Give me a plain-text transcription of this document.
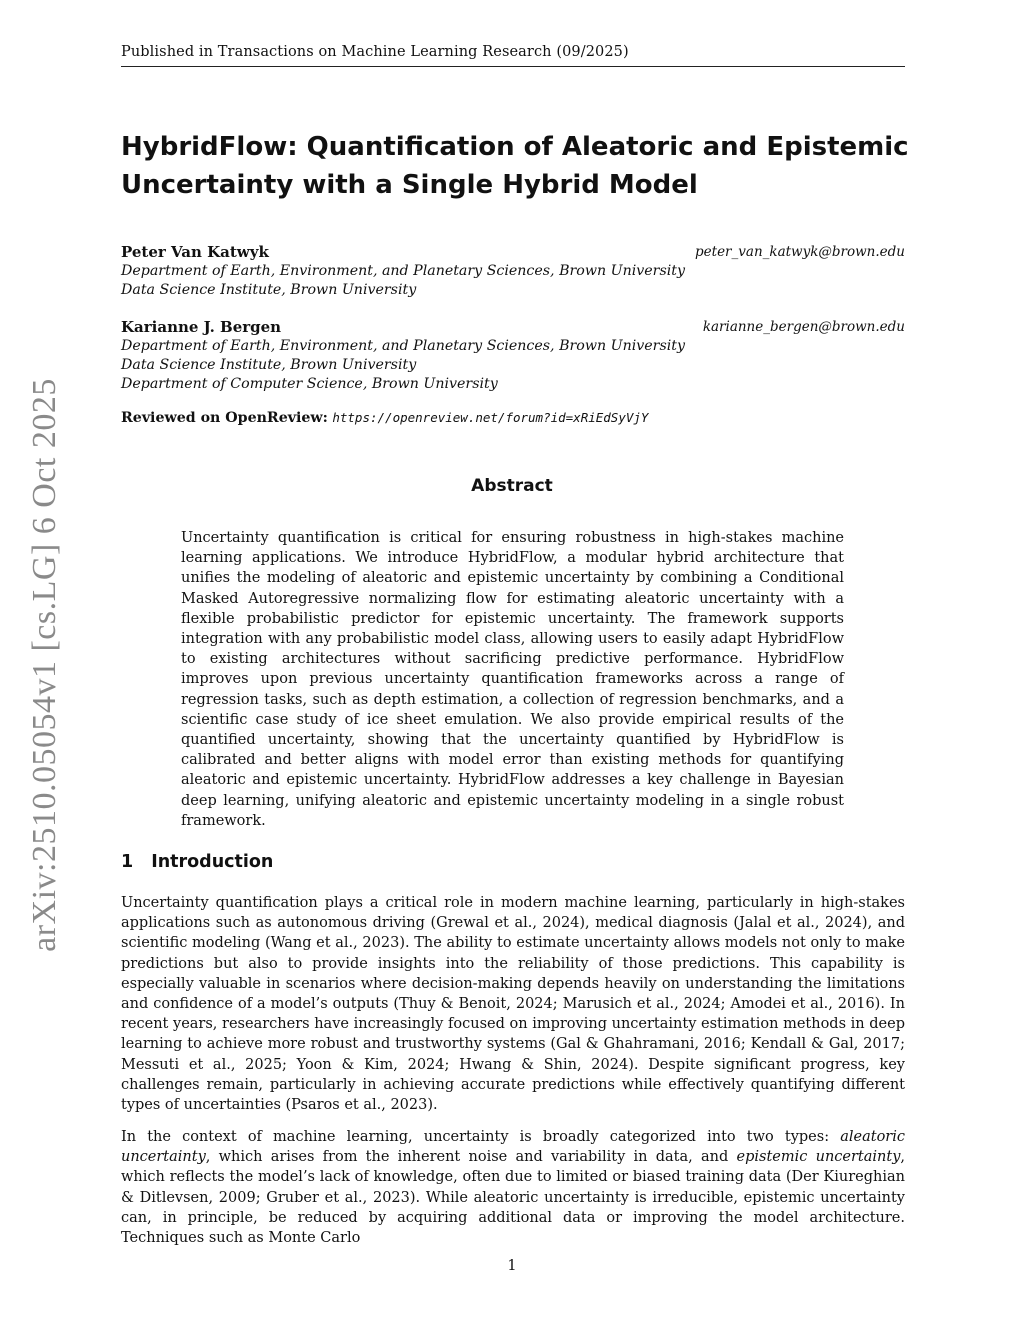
Published in Transactions on Machine Learning Research (09/2025)
arXiv:2510.05054v1 [cs.LG] 6 Oct 2025
HybridFlow: Quantification of Aleatoric and Epistemic Uncertainty with a Single Hybrid Model
Peter Van Katwyk	peter_van_katwyk@brown.edu
Department of Earth, Environment, and Planetary Sciences, Brown University
Data Science Institute, Brown University
Karianne J. Bergen	karianne_bergen@brown.edu
Department of Earth, Environment, and Planetary Sciences, Brown University
Data Science Institute, Brown University
Department of Computer Science, Brown University
Reviewed on OpenReview: https://openreview.net/forum?id=xRiEdSyVjY
Abstract
Uncertainty quantification is critical for ensuring robustness in high-stakes machine learning applications. We introduce HybridFlow, a modular hybrid architecture that unifies the modeling of aleatoric and epistemic uncertainty by combining a Conditional Masked Autoregressive normalizing flow for estimating aleatoric uncertainty with a flexible probabilistic predictor for epistemic uncertainty. The framework supports integration with any probabilistic model class, allowing users to easily adapt HybridFlow to existing architectures without sacrificing predictive performance. HybridFlow improves upon previous uncertainty quantification frameworks across a range of regression tasks, such as depth estimation, a collection of regression benchmarks, and a scientific case study of ice sheet emulation. We also provide empirical results of the quantified uncertainty, showing that the uncertainty quantified by HybridFlow is calibrated and better aligns with model error than existing methods for quantifying aleatoric and epistemic uncertainty. HybridFlow addresses a key challenge in Bayesian deep learning, unifying aleatoric and epistemic uncertainty modeling in a single robust framework.
1 Introduction
Uncertainty quantification plays a critical role in modern machine learning, particularly in high-stakes applications such as autonomous driving (Grewal et al., 2024), medical diagnosis (Jalal et al., 2024), and scientific modeling (Wang et al., 2023). The ability to estimate uncertainty allows models not only to make predictions but also to provide insights into the reliability of those predictions. This capability is especially valuable in scenarios where decision-making depends heavily on understanding the limitations and confidence of a model’s outputs (Thuy & Benoit, 2024; Marusich et al., 2024; Amodei et al., 2016). In recent years, researchers have increasingly focused on improving uncertainty estimation methods in deep learning to achieve more robust and trustworthy systems (Gal & Ghahramani, 2016; Kendall & Gal, 2017; Messuti et al., 2025; Yoon & Kim, 2024; Hwang & Shin, 2024). Despite significant progress, key challenges remain, particularly in achieving accurate predictions while effectively quantifying different types of uncertainties (Psaros et al., 2023).
In the context of machine learning, uncertainty is broadly categorized into two types: aleatoric uncertainty, which arises from the inherent noise and variability in data, and epistemic uncertainty, which reflects the model’s lack of knowledge, often due to limited or biased training data (Der Kiureghian & Ditlevsen, 2009; Gruber et al., 2023). While aleatoric uncertainty is irreducible, epistemic uncertainty can, in principle, be reduced by acquiring additional data or improving the model architecture. Techniques such as Monte Carlo
1
